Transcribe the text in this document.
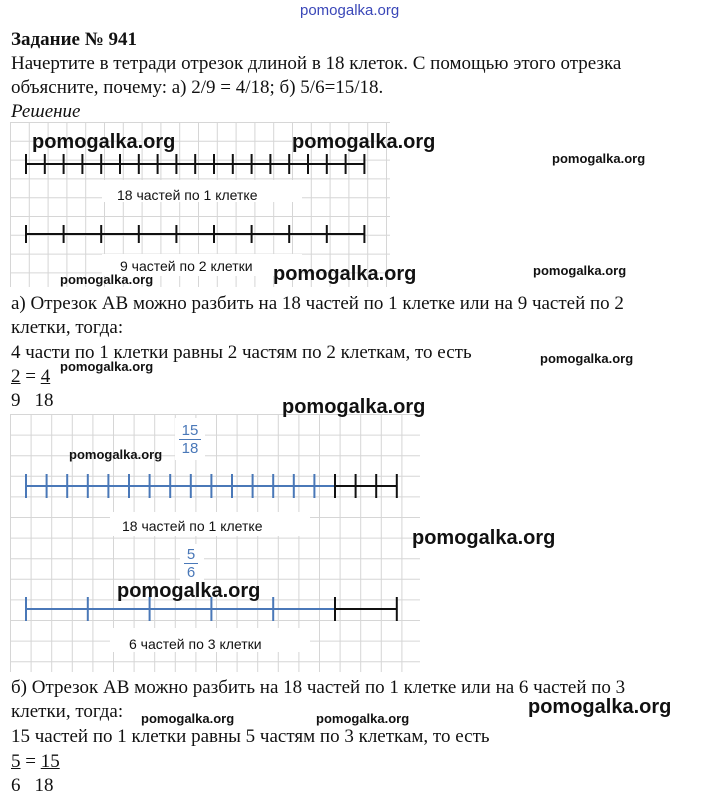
pomogalka.org
Задание № 941
Начертите в тетради отрезок длиной в 18 клеток. С помощью этого отрезка
объясните, почему: а) 2/9 = 4/18; б) 5/6=15/18.
Решение
18 частей по 1 клетке
9 частей по 2 клетки
а) Отрезок АВ можно разбить на 18 частей по 1 клетке или на 9 частей по 2
клетки, тогда:
4 части по 1 клетки равны 2 частям по 2 клеткам, то есть
2 = 4
9 18
15
18
18 частей по 1 клетке
5
6
6 частей по 3 клетки
б) Отрезок АВ можно разбить на 18 частей по 1 клетке или на 6 частей по 3
клетки, тогда:
15 частей по 1 клетки равны 5 частям по 3 клеткам, то есть
5 = 15
6 18
pomogalka.org	pomogalka.org
pomogalka.org
pomogalka.org	pomogalka.org	pomogalka.org
pomogalka.org
pomogalka.org
pomogalka.org
pomogalka.org
pomogalka.org
pomogalka.org
pomogalka.org
pomogalka.org	pomogalka.org
